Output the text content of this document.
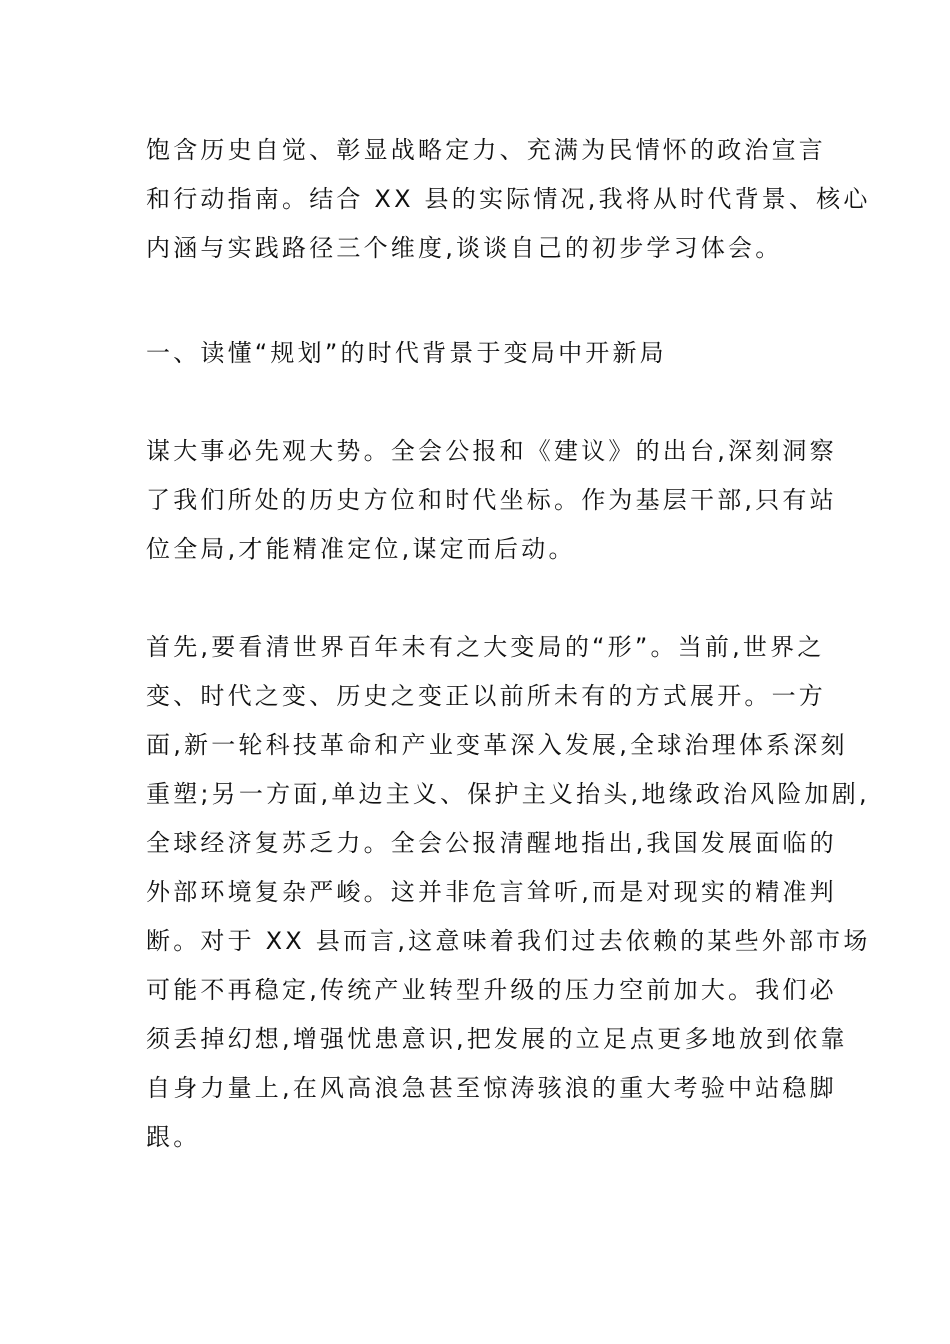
饱含历史自觉、彰显战略定力、充满为民情怀的政治宣言
和行动指南。结合 XX 县的实际情况,我将从时代背景、核心
内涵与实践路径三个维度,谈谈自己的初步学习体会。
一、读懂“规划”的时代背景于变局中开新局
谋大事必先观大势。全会公报和《建议》的出台,深刻洞察
了我们所处的历史方位和时代坐标。作为基层干部,只有站
位全局,才能精准定位,谋定而后动。
首先,要看清世界百年未有之大变局的“形”。当前,世界之
变、时代之变、历史之变正以前所未有的方式展开。一方
面,新一轮科技革命和产业变革深入发展,全球治理体系深刻
重塑;另一方面,单边主义、保护主义抬头,地缘政治风险加剧,
全球经济复苏乏力。全会公报清醒地指出,我国发展面临的
外部环境复杂严峻。这并非危言耸听,而是对现实的精准判
断。对于 XX 县而言,这意味着我们过去依赖的某些外部市场
可能不再稳定,传统产业转型升级的压力空前加大。我们必
须丢掉幻想,增强忧患意识,把发展的立足点更多地放到依靠
自身力量上,在风高浪急甚至惊涛骇浪的重大考验中站稳脚
跟。
